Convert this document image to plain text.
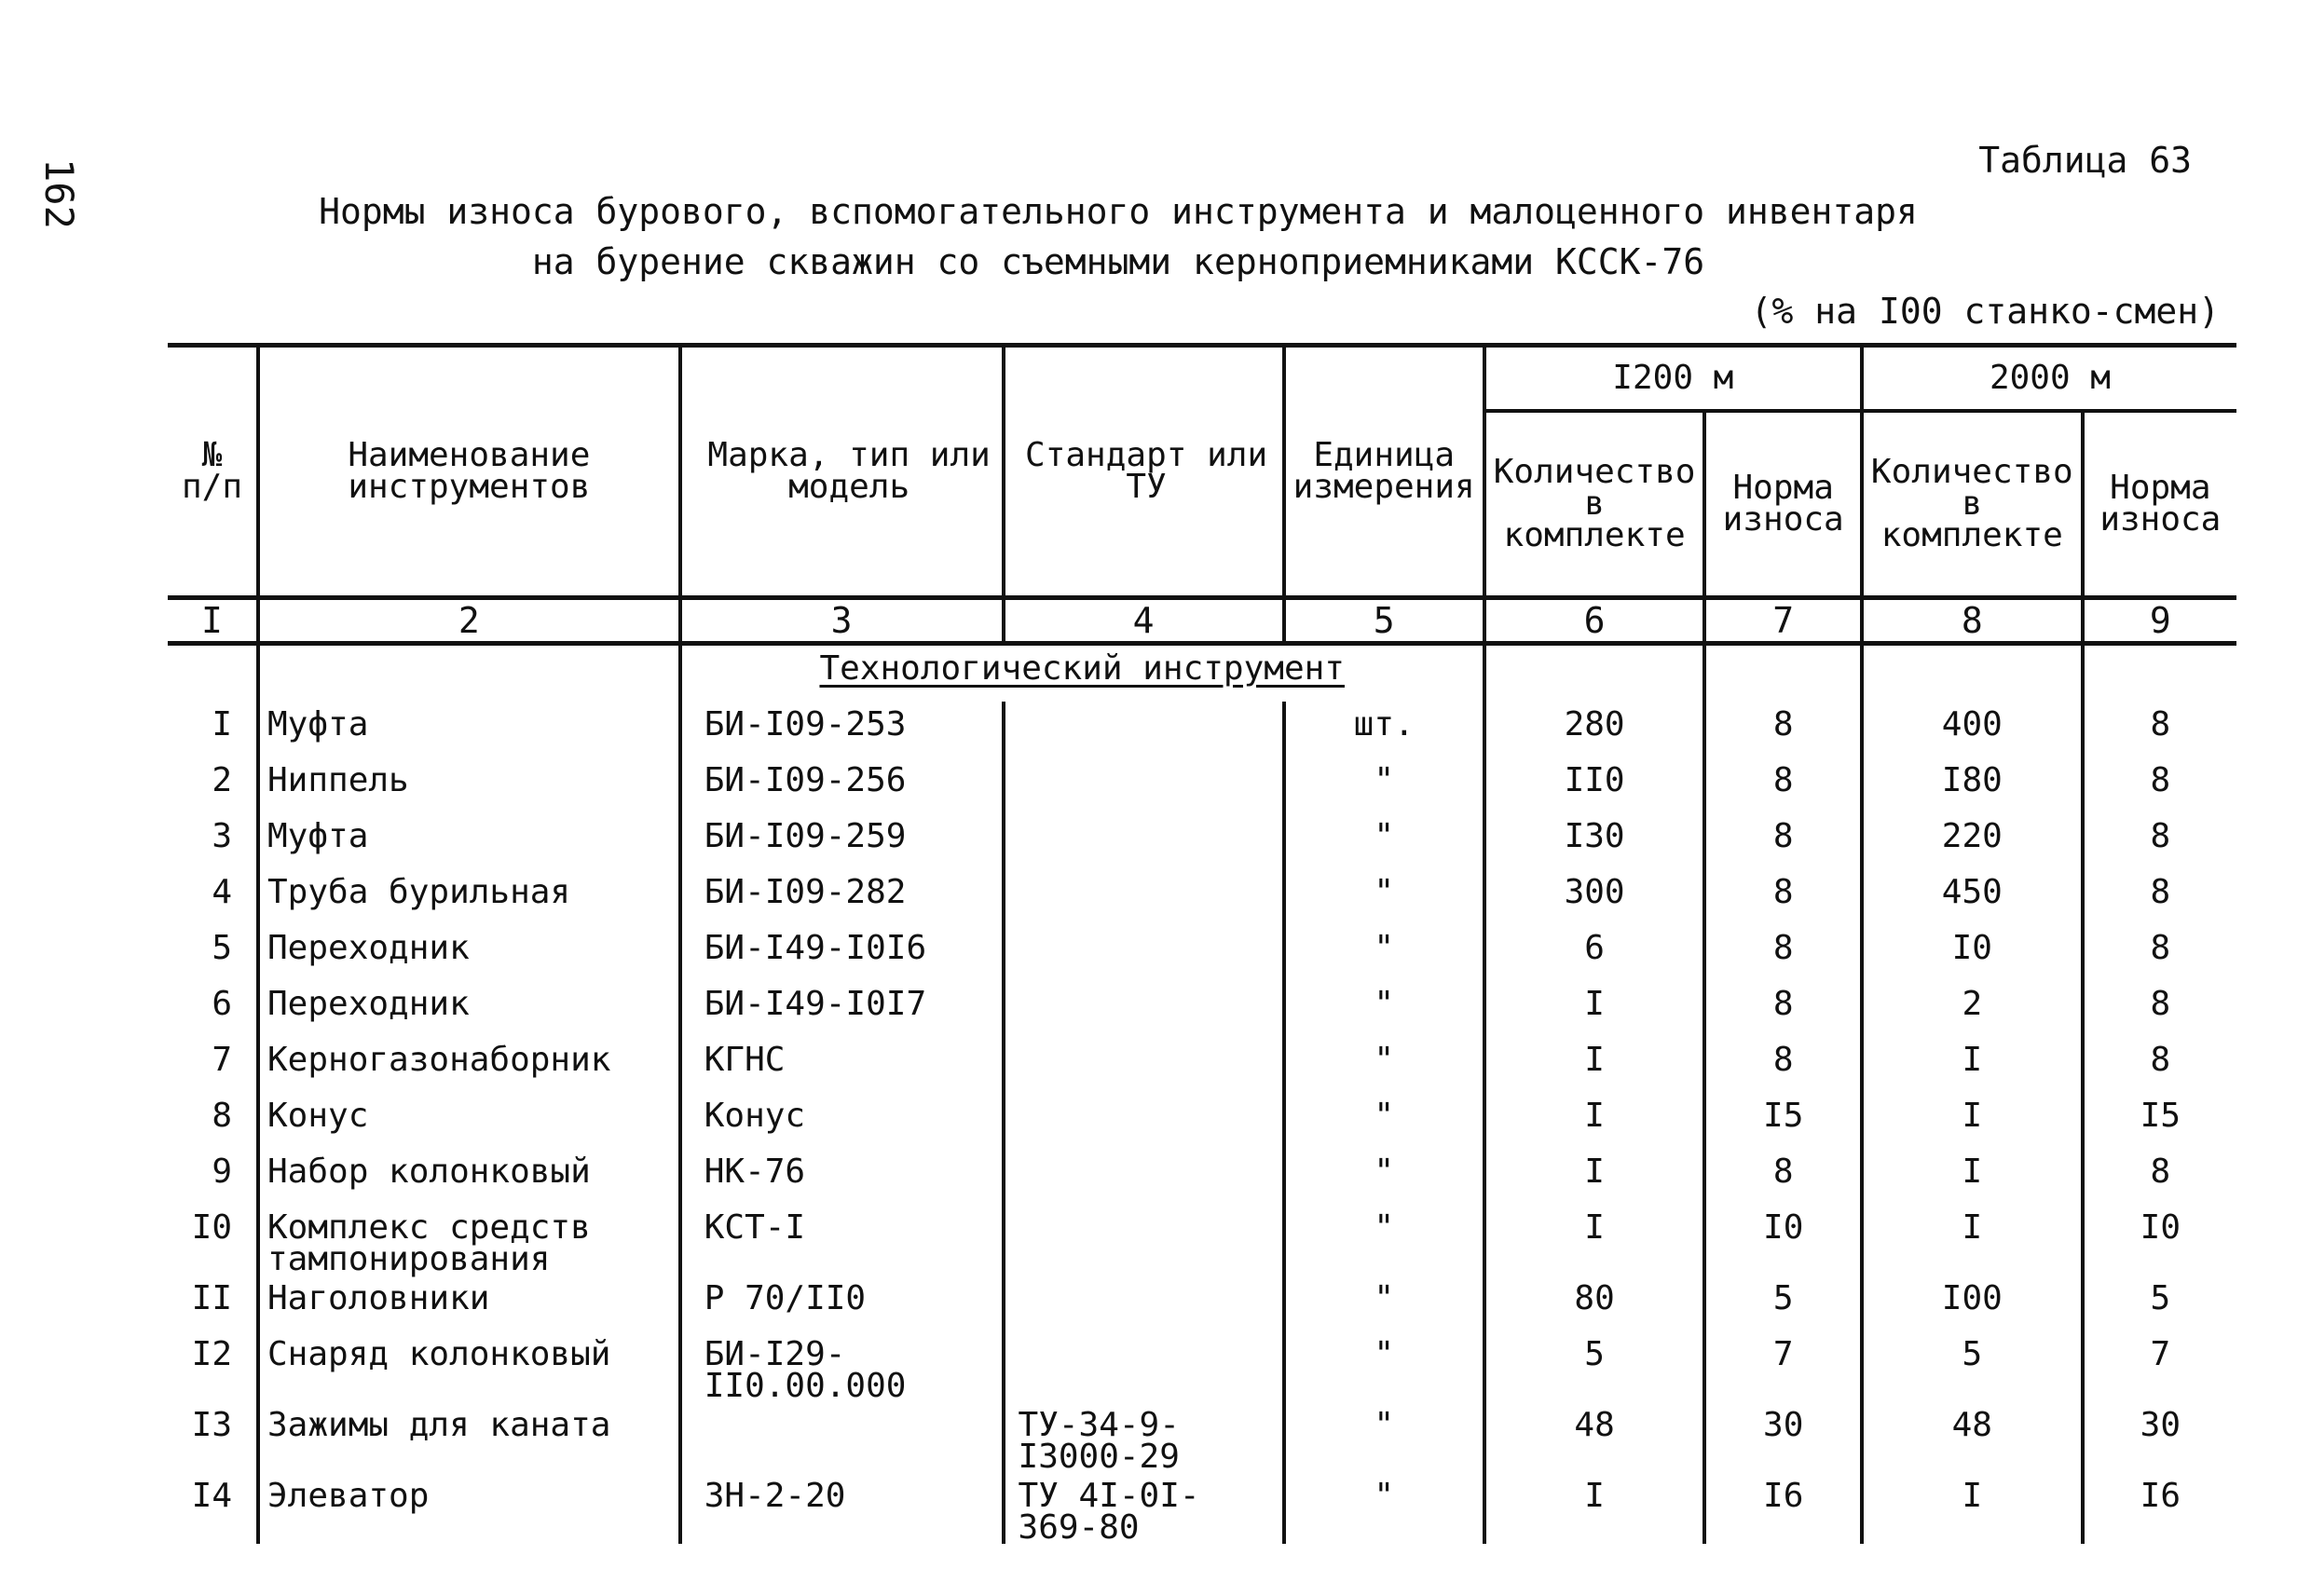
162	Таблица 63
Нормы износа бурового, вспомогательного инструмента и малоценного инвентаря
на бурение скважин со съемными керноприемниками КССК-76
(% на I00 станко-смен)
№ п/п	Наименование инструментов	Марка, тип или модель	Стандарт или ТУ	Единица измерения	I200 м		2000 м	
					Количество в комплекте	Норма износа	Количество в комплекте	Норма износа
I	2	3	4	5	6	7	8	9
		Технологический инструмент						
I	Муфта	БИ-I09-253		шт.	280	8	400	8
2	Ниппель	БИ-I09-256		"	II0	8	I80	8
3	Муфта	БИ-I09-259		"	I30	8	220	8
4	Труба бурильная	БИ-I09-282		"	300	8	450	8
5	Переходник	БИ-I49-I0I6		"	6	8	I0	8
6	Переходник	БИ-I49-I0I7		"	I	8	2	8
7	Керногазонаборник	КГНС		"	I	8	I	8
8	Конус	Конус		"	I	I5	I	I5
9	Набор колонковый	НК-76		"	I	8	I	8
I0	Комплекс средств тампонирования	КСТ-I		"	I	I0	I	I0
II	Наголовники	Р 70/II0		"	80	5	I00	5
I2	Снаряд колонковый	БИ-I29-II0.00.000		"	5	7	5	7
I3	Зажимы для каната		ТУ-34-9-I3000-29	"	48	30	48	30
I4	Элеватор	ЗН-2-20	ТУ 4I-0I-369-80	"	I	I6	I	I6
